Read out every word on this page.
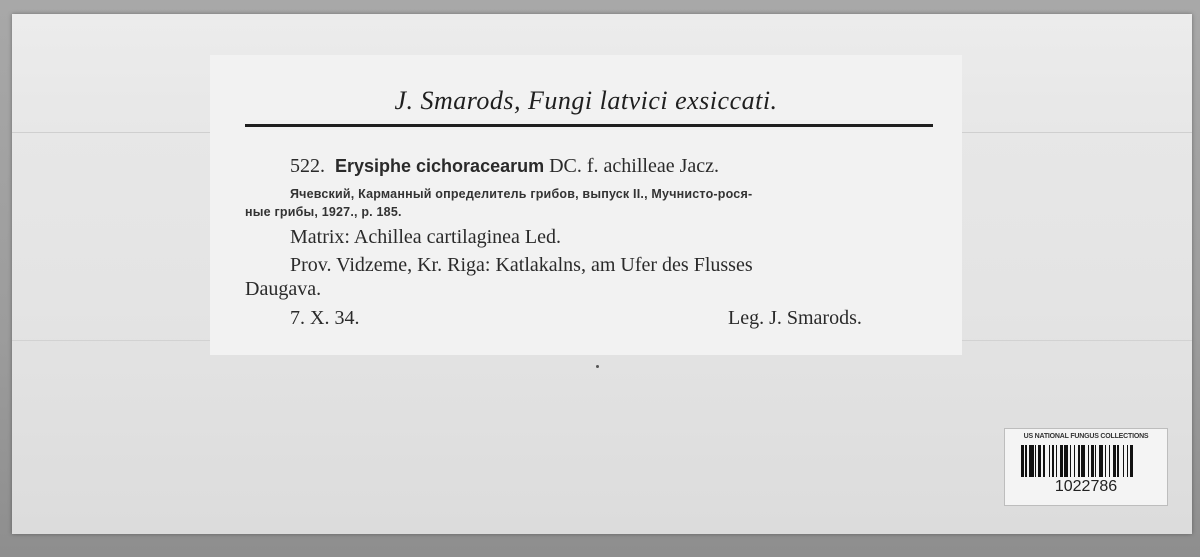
J. Smarods, Fungi latvici exsiccati.
522. Erysiphe cichoracearum DC. f. achilleae Jacz.
Ячевский, Карманный определитель грибов, выпуск II., Мучнисто-рося-
ные грибы, 1927., p. 185.
Matrix: Achillea cartilaginea Led.
Prov. Vidzeme, Kr. Riga: Katlakalns, am Ufer des Flusses
Daugava.
7. X. 34.	Leg. J. Smarods.
US NATIONAL FUNGUS COLLECTIONS
1022786
